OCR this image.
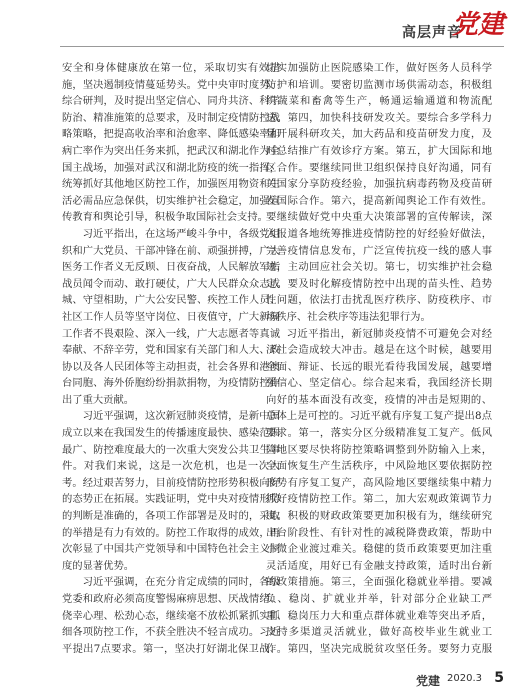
高层声音
党建

安全和身体健康放在第一位，采取切实有效措施，坚决遏制疫情蔓延势头。党中央审时度势、综合研判，及时提出坚定信心、同舟共济、科学防治、精准施策的总要求，及时制定疫情防控战略策略，把提高收治率和治愈率、降低感染率和病亡率作为突出任务来抓，把武汉和湖北作为全国主战场，加强对武汉和湖北防疫的统一指挥，统筹抓好其他地区防控工作，加强医用物资和生活必需品应急保供，切实维护社会稳定，加强宣传教育和舆论引导，积极争取国际社会支持。

习近平指出，在这场严峻斗争中，各级党组织和广大党员、干部冲锋在前、顽强拼搏，广大医务工作者义无反顾、日夜奋战，人民解放军指战员闻令而动、敢打硬仗，广大人民群众众志成城、守望相助，广大公安民警、疾控工作人员、社区工作人员等坚守岗位、日夜值守，广大新闻工作者不畏艰险、深入一线，广大志愿者等真诚奉献、不辞辛劳，党和国家有关部门和人大、政协以及各人民团体等主动担责，社会各界和港澳台同胞、海外侨胞纷纷捐款捐物，为疫情防控作出了重大贡献。

习近平强调，这次新冠肺炎疫情，是新中国成立以来在我国发生的传播速度最快、感染范围最广、防控难度最大的一次重大突发公共卫生事件。对我们来说，这是一次危机，也是一次大考。经过艰苦努力，目前疫情防控形势积极向好的态势正在拓展。实践证明，党中央对疫情形势的判断是准确的，各项工作部署是及时的，采取的举措是有力有效的。防控工作取得的成效，再次彰显了中国共产党领导和中国特色社会主义制度的显著优势。

习近平强调，在充分肯定成绩的同时，各级党委和政府必须高度警惕麻痹思想、厌战情绪、侥幸心理、松劲心态，继续毫不放松抓紧抓实抓细各项防控工作，不获全胜决不轻言成功。习近平提出7点要求。第一，坚决打好湖北保卫战、

切实加强防止医院感染工作，做好医务人员科学防护和培训。要密切监测市场供需动态，积极组织蔬菜和畜禽等生产，畅通运输通道和物流配送。第四，加快科技研发攻关。要综合多学科力量开展科研攻关，加大药品和疫苗研发力度，及时总结推广有效诊疗方案。第五，扩大国际和地区合作。要继续同世卫组织保持良好沟通，同有关国家分享防疫经验，加强抗病毒药物及疫苗研发国际合作。第六，提高新闻舆论工作有效性。要继续做好党中央重大决策部署的宣传解读，深入报道各地统筹推进疫情防控的好经验好做法，完善疫情信息发布，广泛宣传抗疫一线的感人事迹，主动回应社会关切。第七，切实维护社会稳定。要及时化解疫情防控中出现的苗头性、趋势性问题，依法打击扰乱医疗秩序、防疫秩序、市场秩序、社会秩序等违法犯罪行为。

习近平指出，新冠肺炎疫情不可避免会对经济社会造成较大冲击。越是在这个时候，越要用全面、辩证、长远的眼光看待我国发展，越要增强信心、坚定信心。综合起来看，我国经济长期向好的基本面没有改变，疫情的冲击是短期的、总体上是可控的。习近平就有序复工复产提出8点要求。第一，落实分区分级精准复工复产。低风险地区要尽快将防控策略调整到外防输入上来，全面恢复生产生活秩序，中风险地区要依据防控形势有序复工复产，高风险地区要继续集中精力抓好疫情防控工作。第二，加大宏观政策调节力度。积极的财政政策要更加积极有为，继续研究出台阶段性、有针对性的减税降费政策，帮助中小微企业渡过难关。稳健的货币政策要更加注重灵活适度，用好已有金融支持政策，适时出台新的政策措施。第三，全面强化稳就业举措。要减负、稳岗、扩就业并举，针对部分企业缺工严重、稳岗压力大和重点群体就业难等突出矛盾，支持多渠道灵活就业，做好高校毕业生就业工作。第四，坚决完成脱贫攻坚任务。要努力克服

党建 2020.3 5
